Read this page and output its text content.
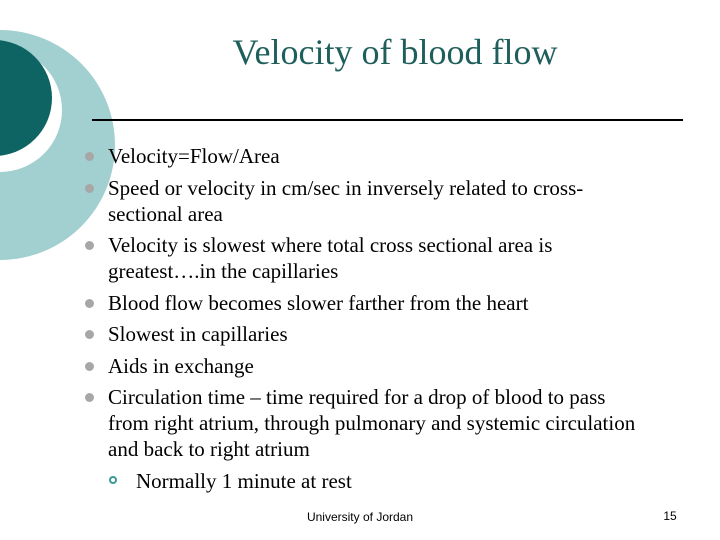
Velocity of blood flow
Velocity=Flow/Area
Speed or velocity in cm/sec in inversely related to cross-sectional area
Velocity is slowest where total cross sectional area is greatest….in the capillaries
Blood flow becomes slower farther from the heart
Slowest in capillaries
Aids in exchange
Circulation time – time required for a drop of blood to pass from right atrium, through pulmonary and systemic circulation and back to right atrium
Normally 1 minute at rest
University of Jordan	15
